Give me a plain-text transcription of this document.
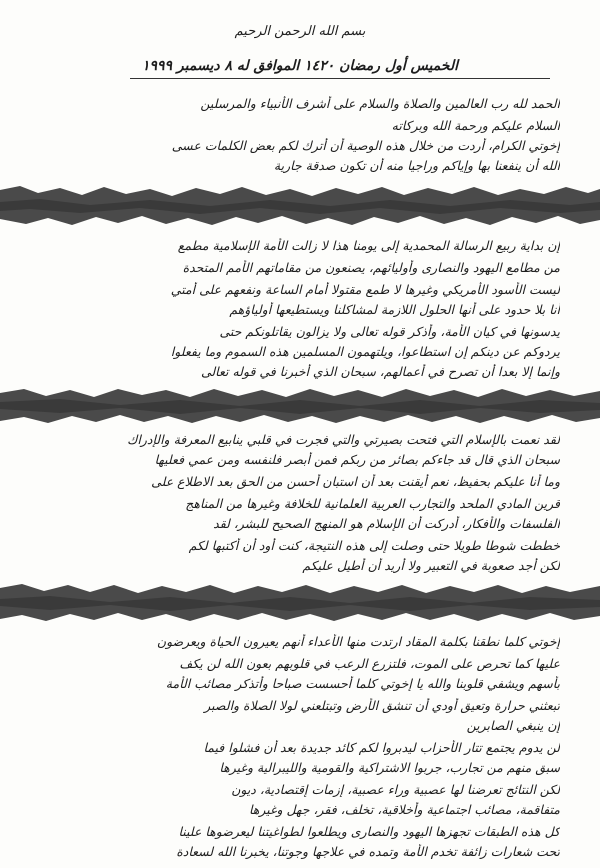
بسم الله الرحمن الرحيم
الخميس أول رمضان ١٤٢٠ الموافق له ٨ ديسمبر ١٩٩٩
الحمد لله رب العالمين والصلاة والسلام على أشرف الأنبياء والمرسلين
السلام عليكم ورحمة الله وبركاته
إخوتي الكرام، أردت من خلال هذه الوصية أن أترك لكم بعض الكلمات عسى
الله أن ينفعنا بها وإياكم وراجيا منه أن تكون صدقة جارية
إن بداية ربيع الرسالة المحمدية إلى يومنا هذا لا زالت الأمة الإسلامية مطمع
من مطامع اليهود والنصارى وأوليائهم، يصنعون من مقاماتهم الأمم المتحدة
ليست الأسود الأمريكي وغيرها لا طمع مقتولا أمام الساعة ونفعهم على أمتي
أنا بلا حدود على أنها الحلول اللازمة لمشاكلنا ويستطيعها أولياؤهم
يدسونها في كيان الأمة، وأذكر قوله تعالى ولا يزالون يقاتلونكم حتى
يردوكم عن دينكم إن استطاعوا، ويلتهمون المسلمين هذه السموم وما يفعلوا
وإنما إلا بعدا أن تصرح في أعمالهم، سبحان الذي أخبرنا في قوله تعالى
لقد نعمت بالإسلام التي فتحت بصيرتي والتي فجرت في قلبي ينابيع المعرفة والإدراك
سبحان الذي قال قد جاءكم بصائر من ربكم فمن أبصر فلنفسه ومن عمي فعليها
وما أنا عليكم بحفيظ، نعم أيقنت بعد أن استبان أحسن من الحق بعد الاطلاع على
قرين المادي الملحد والتجارب العربية العلمانية للخلافة وغيرها من المناهج
الفلسفات والأفكار، أدركت أن الإسلام هو المنهج الصحيح للبشر، لقد
خططت شوطا طويلا حتى وصلت إلى هذه النتيجة، كنت أود أن أكتبها لكم
لكن أجد صعوبة في التعبير ولا أريد أن أطيل عليكم
إخوتي كلما نطقنا بكلمة المقاد ارتدت منها الأعداء أنهم يعيرون الحياة ويعرضون
عليها كما تحرص على الموت، فلتزرع الرعب في قلوبهم بعون الله لن يكف
بأسهم ويشفي قلوبنا والله يا إخوتي كلما أحسست صباحا وأتذكر مصائب الأمة
تبعثني حرارة وتعيق أودي أن تنشق الأرض وتبتلعني لولا الصلاة والصبر
إن ينبغي الصابرين
لن يدوم يجتمع تتار الأحزاب ليدبروا لكم كائد جديدة بعد أن فشلوا فيما
سبق منهم من تجارب، جربوا الاشتراكية والقومية والليبرالية وغيرها
لكن النتائج تعرضنا لها عصبية وراء عصبية، إزمات إقتصادية، ديون
متفاقمة، مصائب اجتماعية وأخلاقية، تخلف، فقر، جهل وغيرها
كل هذه الطبقات تجهزها اليهود والنصارى ويطلعوا لطواغيتنا ليعرضوها علينا
تحت شعارات زائفة تخدم الأمة وتمده في علاجها وجوتنا، يخبرنا الله لسعادة
